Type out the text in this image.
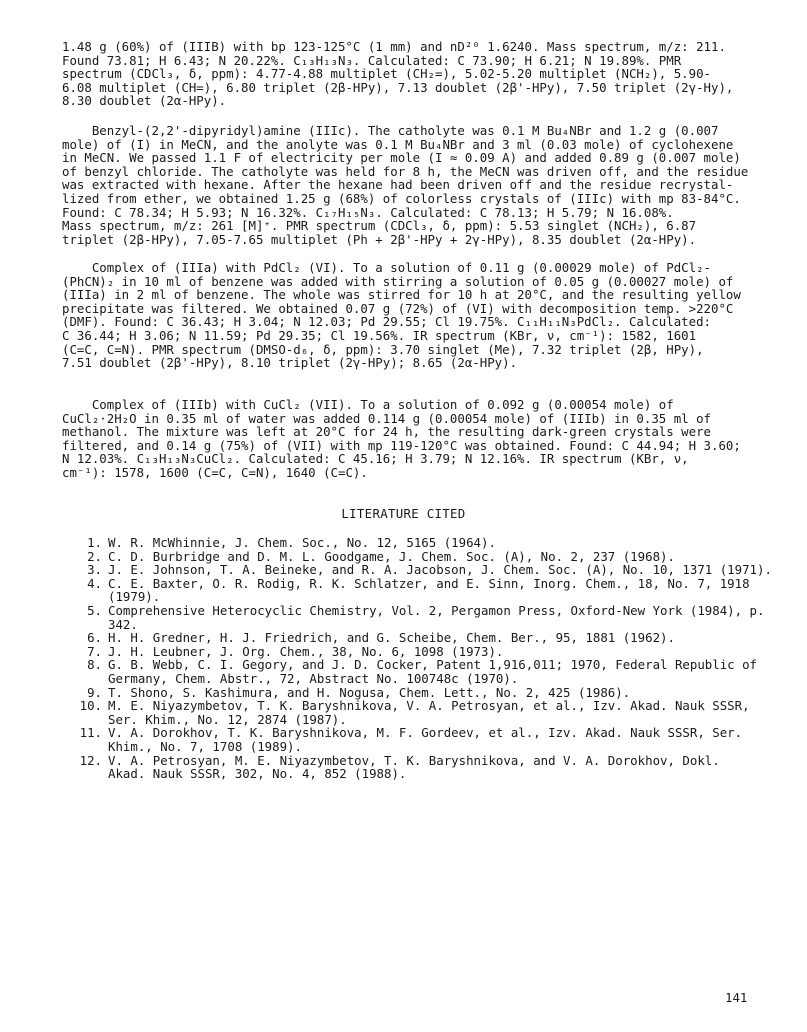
1.48 g (60%) of (IIIB) with bp 123-125°C (1 mm) and nD²⁰ 1.6240. Mass spectrum, m/z: 211.
Found 73.81; H 6.43; N 20.22%. C₁₃H₁₃N₃. Calculated: C 73.90; H 6.21; N 19.89%. PMR
spectrum (CDCl₃, δ, ppm): 4.77-4.88 multiplet (CH₂=), 5.02-5.20 multiplet (NCH₂), 5.90-
6.08 multiplet (CH=), 6.80 triplet (2β-HPy), 7.13 doublet (2β'-HPy), 7.50 triplet (2γ-Hy),
8.30 doublet (2α-HPy).
Benzyl-(2,2'-dipyridyl)amine (IIIc). The catholyte was 0.1 M Bu₄NBr and 1.2 g (0.007
mole) of (I) in MeCN, and the anolyte was 0.1 M Bu₄NBr and 3 ml (0.03 mole) of cyclohexene
in MeCN. We passed 1.1 F of electricity per mole (I ≈ 0.09 A) and added 0.89 g (0.007 mole)
of benzyl chloride. The catholyte was held for 8 h, the MeCN was driven off, and the residue
was extracted with hexane. After the hexane had been driven off and the residue recrystal-
lized from ether, we obtained 1.25 g (68%) of colorless crystals of (IIIc) with mp 83-84°C.
Found: C 78.34; H 5.93; N 16.32%. C₁₇H₁₅N₃. Calculated: C 78.13; H 5.79; N 16.08%.
Mass spectrum, m/z: 261 [M]⁺. PMR spectrum (CDCl₃, δ, ppm): 5.53 singlet (NCH₂), 6.87
triplet (2β-HPy), 7.05-7.65 multiplet (Ph + 2β'-HPy + 2γ-HPy), 8.35 doublet (2α-HPy).
Complex of (IIIa) with PdCl₂ (VI). To a solution of 0.11 g (0.00029 mole) of PdCl₂-
(PhCN)₂ in 10 ml of benzene was added with stirring a solution of 0.05 g (0.00027 mole) of
(IIIa) in 2 ml of benzene. The whole was stirred for 10 h at 20°C, and the resulting yellow
precipitate was filtered. We obtained 0.07 g (72%) of (VI) with decomposition temp. >220°C
(DMF). Found: C 36.43; H 3.04; N 12.03; Pd 29.55; Cl 19.75%. C₁₁H₁₁N₃PdCl₂. Calculated:
C 36.44; H 3.06; N 11.59; Pd 29.35; Cl 19.56%. IR spectrum (KBr, ν, cm⁻¹): 1582, 1601
(C=C, C=N). PMR spectrum (DMSO-d₆, δ, ppm): 3.70 singlet (Me), 7.32 triplet (2β, HPy),
7.51 doublet (2β'-HPy), 8.10 triplet (2γ-HPy); 8.65 (2α-HPy).
Complex of (IIIb) with CuCl₂ (VII). To a solution of 0.092 g (0.00054 mole) of
CuCl₂·2H₂O in 0.35 ml of water was added 0.114 g (0.00054 mole) of (IIIb) in 0.35 ml of
methanol. The mixture was left at 20°C for 24 h, the resulting dark-green crystals were
filtered, and 0.14 g (75%) of (VII) with mp 119-120°C was obtained. Found: C 44.94; H 3.60;
N 12.03%. C₁₃H₁₃N₃CuCl₂. Calculated: C 45.16; H 3.79; N 12.16%. IR spectrum (KBr, ν,
cm⁻¹): 1578, 1600 (C=C, C=N), 1640 (C=C).
LITERATURE CITED
1. W. R. McWhinnie, J. Chem. Soc., No. 12, 5165 (1964).
2. C. D. Burbridge and D. M. L. Goodgame, J. Chem. Soc. (A), No. 2, 237 (1968).
3. J. E. Johnson, T. A. Beineke, and R. A. Jacobson, J. Chem. Soc. (A), No. 10, 1371 (1971).
4. C. E. Baxter, O. R. Rodig, R. K. Schlatzer, and E. Sinn, Inorg. Chem., 18, No. 7, 1918
(1979).
5. Comprehensive Heterocyclic Chemistry, Vol. 2, Pergamon Press, Oxford-New York (1984), p.
342.
6. H. H. Gredner, H. J. Friedrich, and G. Scheibe, Chem. Ber., 95, 1881 (1962).
7. J. H. Leubner, J. Org. Chem., 38, No. 6, 1098 (1973).
8. G. B. Webb, C. I. Gegory, and J. D. Cocker, Patent 1,916,011; 1970, Federal Republic of
Germany, Chem. Abstr., 72, Abstract No. 100748c (1970).
9. T. Shono, S. Kashimura, and H. Nogusa, Chem. Lett., No. 2, 425 (1986).
10. M. E. Niyazymbetov, T. K. Baryshnikova, V. A. Petrosyan, et al., Izv. Akad. Nauk SSSR,
Ser. Khim., No. 12, 2874 (1987).
11. V. A. Dorokhov, T. K. Baryshnikova, M. F. Gordeev, et al., Izv. Akad. Nauk SSSR, Ser.
Khim., No. 7, 1708 (1989).
12. V. A. Petrosyan, M. E. Niyazymbetov, T. K. Baryshnikova, and V. A. Dorokhov, Dokl.
Akad. Nauk SSSR, 302, No. 4, 852 (1988).
141
